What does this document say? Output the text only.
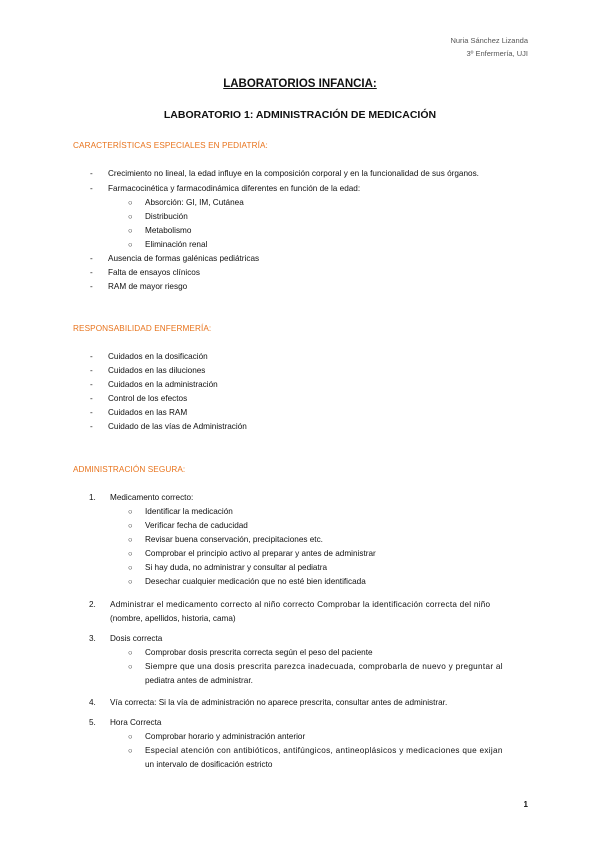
Nuria Sánchez Lizanda
3º Enfermería, UJI
LABORATORIOS INFANCIA:
LABORATORIO 1: ADMINISTRACIÓN DE MEDICACIÓN
CARACTERÍSTICAS ESPECIALES EN PEDIATRÍA:
- Crecimiento no lineal, la edad influye en la composición corporal y en la funcionalidad de sus órganos.
- Farmacocinética y farmacodinámica diferentes en función de la edad:
○ Absorción: GI, IM, Cutánea
○ Distribución
○ Metabolismo
○ Eliminación renal
- Ausencia de formas galénicas pediátricas
- Falta de ensayos clínicos
- RAM de mayor riesgo
RESPONSABILIDAD ENFERMERÍA:
- Cuidados en la dosificación
- Cuidados en las diluciones
- Cuidados en la administración
- Control de los efectos
- Cuidados en las RAM
- Cuidado de las vías de Administración
ADMINISTRACIÓN SEGURA:
1. Medicamento correcto:
○ Identificar la medicación
○ Verificar fecha de caducidad
○ Revisar buena conservación, precipitaciones etc.
○ Comprobar el principio activo al preparar y antes de administrar
○ Si hay duda, no administrar y consultar al pediatra
○ Desechar cualquier medicación que no esté bien identificada
2. Administrar el medicamento correcto al niño correcto Comprobar la identificación correcta del niño
(nombre, apellidos, historia, cama)
3. Dosis correcta
○ Comprobar dosis prescrita correcta según el peso del paciente
○ Siempre que una dosis prescrita parezca inadecuada, comprobarla de nuevo y preguntar al
pediatra antes de administrar.
4. Vía correcta: Si la vía de administración no aparece prescrita, consultar antes de administrar.
5. Hora Correcta
○ Comprobar horario y administración anterior
○ Especial atención con antibióticos, antifúngicos, antineoplásicos y medicaciones que exijan
un intervalo de dosificación estricto
1
